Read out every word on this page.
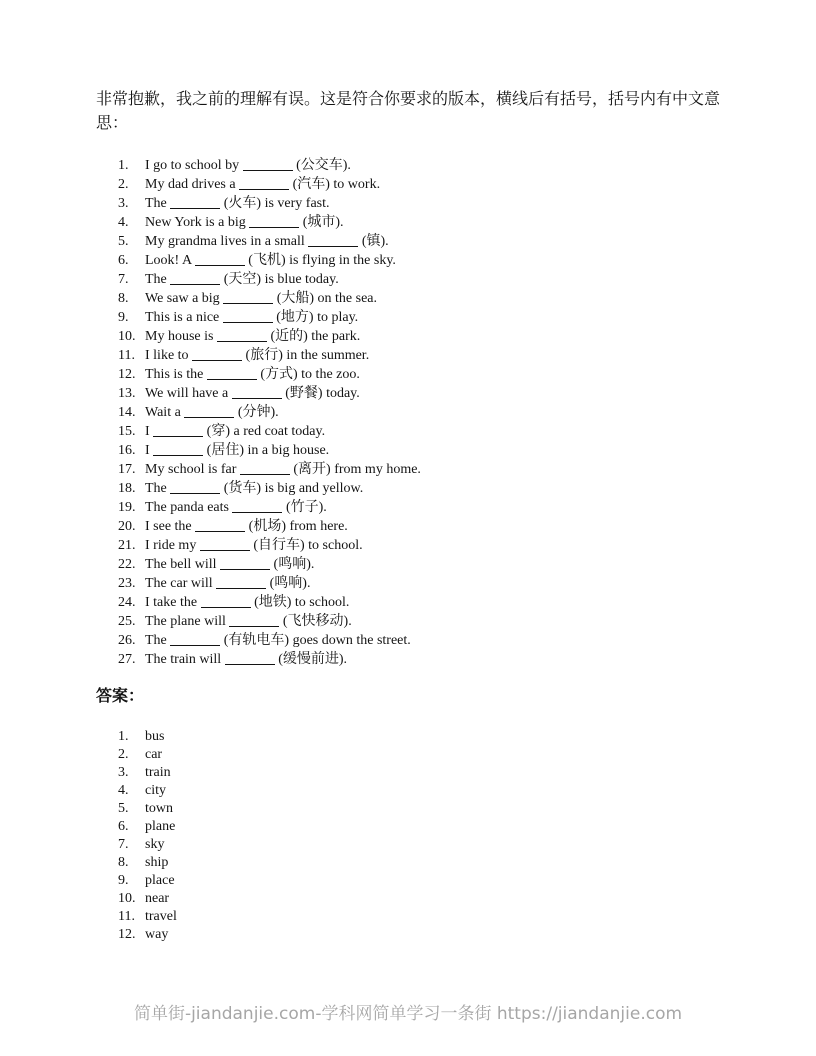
非常抱歉，我之前的理解有误。这是符合你要求的版本，横线后有括号，括号内有中文意思：

1. I go to school by	(公交车).
2. My dad drives a	(汽车) to work.
3. The	(火车) is very fast.
4. New York is a big	(城市).
5. My grandma lives in a small	(镇).
6. Look! A	(飞机) is flying in the sky.
7. The	(天空) is blue today.
8. We saw a big	(大船) on the sea.
9. This is a nice	(地方) to play.
10. My house is	(近的) the park.
11. I like to	(旅行) in the summer.
12. This is the	(方式) to the zoo.
13. We will have a	(野餐) today.
14. Wait a	(分钟).
15. I	(穿) a red coat today.
16. I	(居住) in a big house.
17. My school is far	(离开) from my home.
18. The	(货车) is big and yellow.
19. The panda eats	(竹子).
20. I see the	(机场) from here.
21. I ride my	(自行车) to school.
22. The bell will	(鸣响).
23. The car will	(鸣响).
24. I take the	(地铁) to school.
25. The plane will	(飞快移动).
26. The	(有轨电车) goes down the street.
27. The train will	(缓慢前进).
答案：
1. bus
2. car
3. train
4. city
5. town
6. plane
7. sky
8. ship
9. place
10. near
11. travel
12. way
简单街-jiandanjie.com-学科网简单学习一条街 https://jiandanjie.com
